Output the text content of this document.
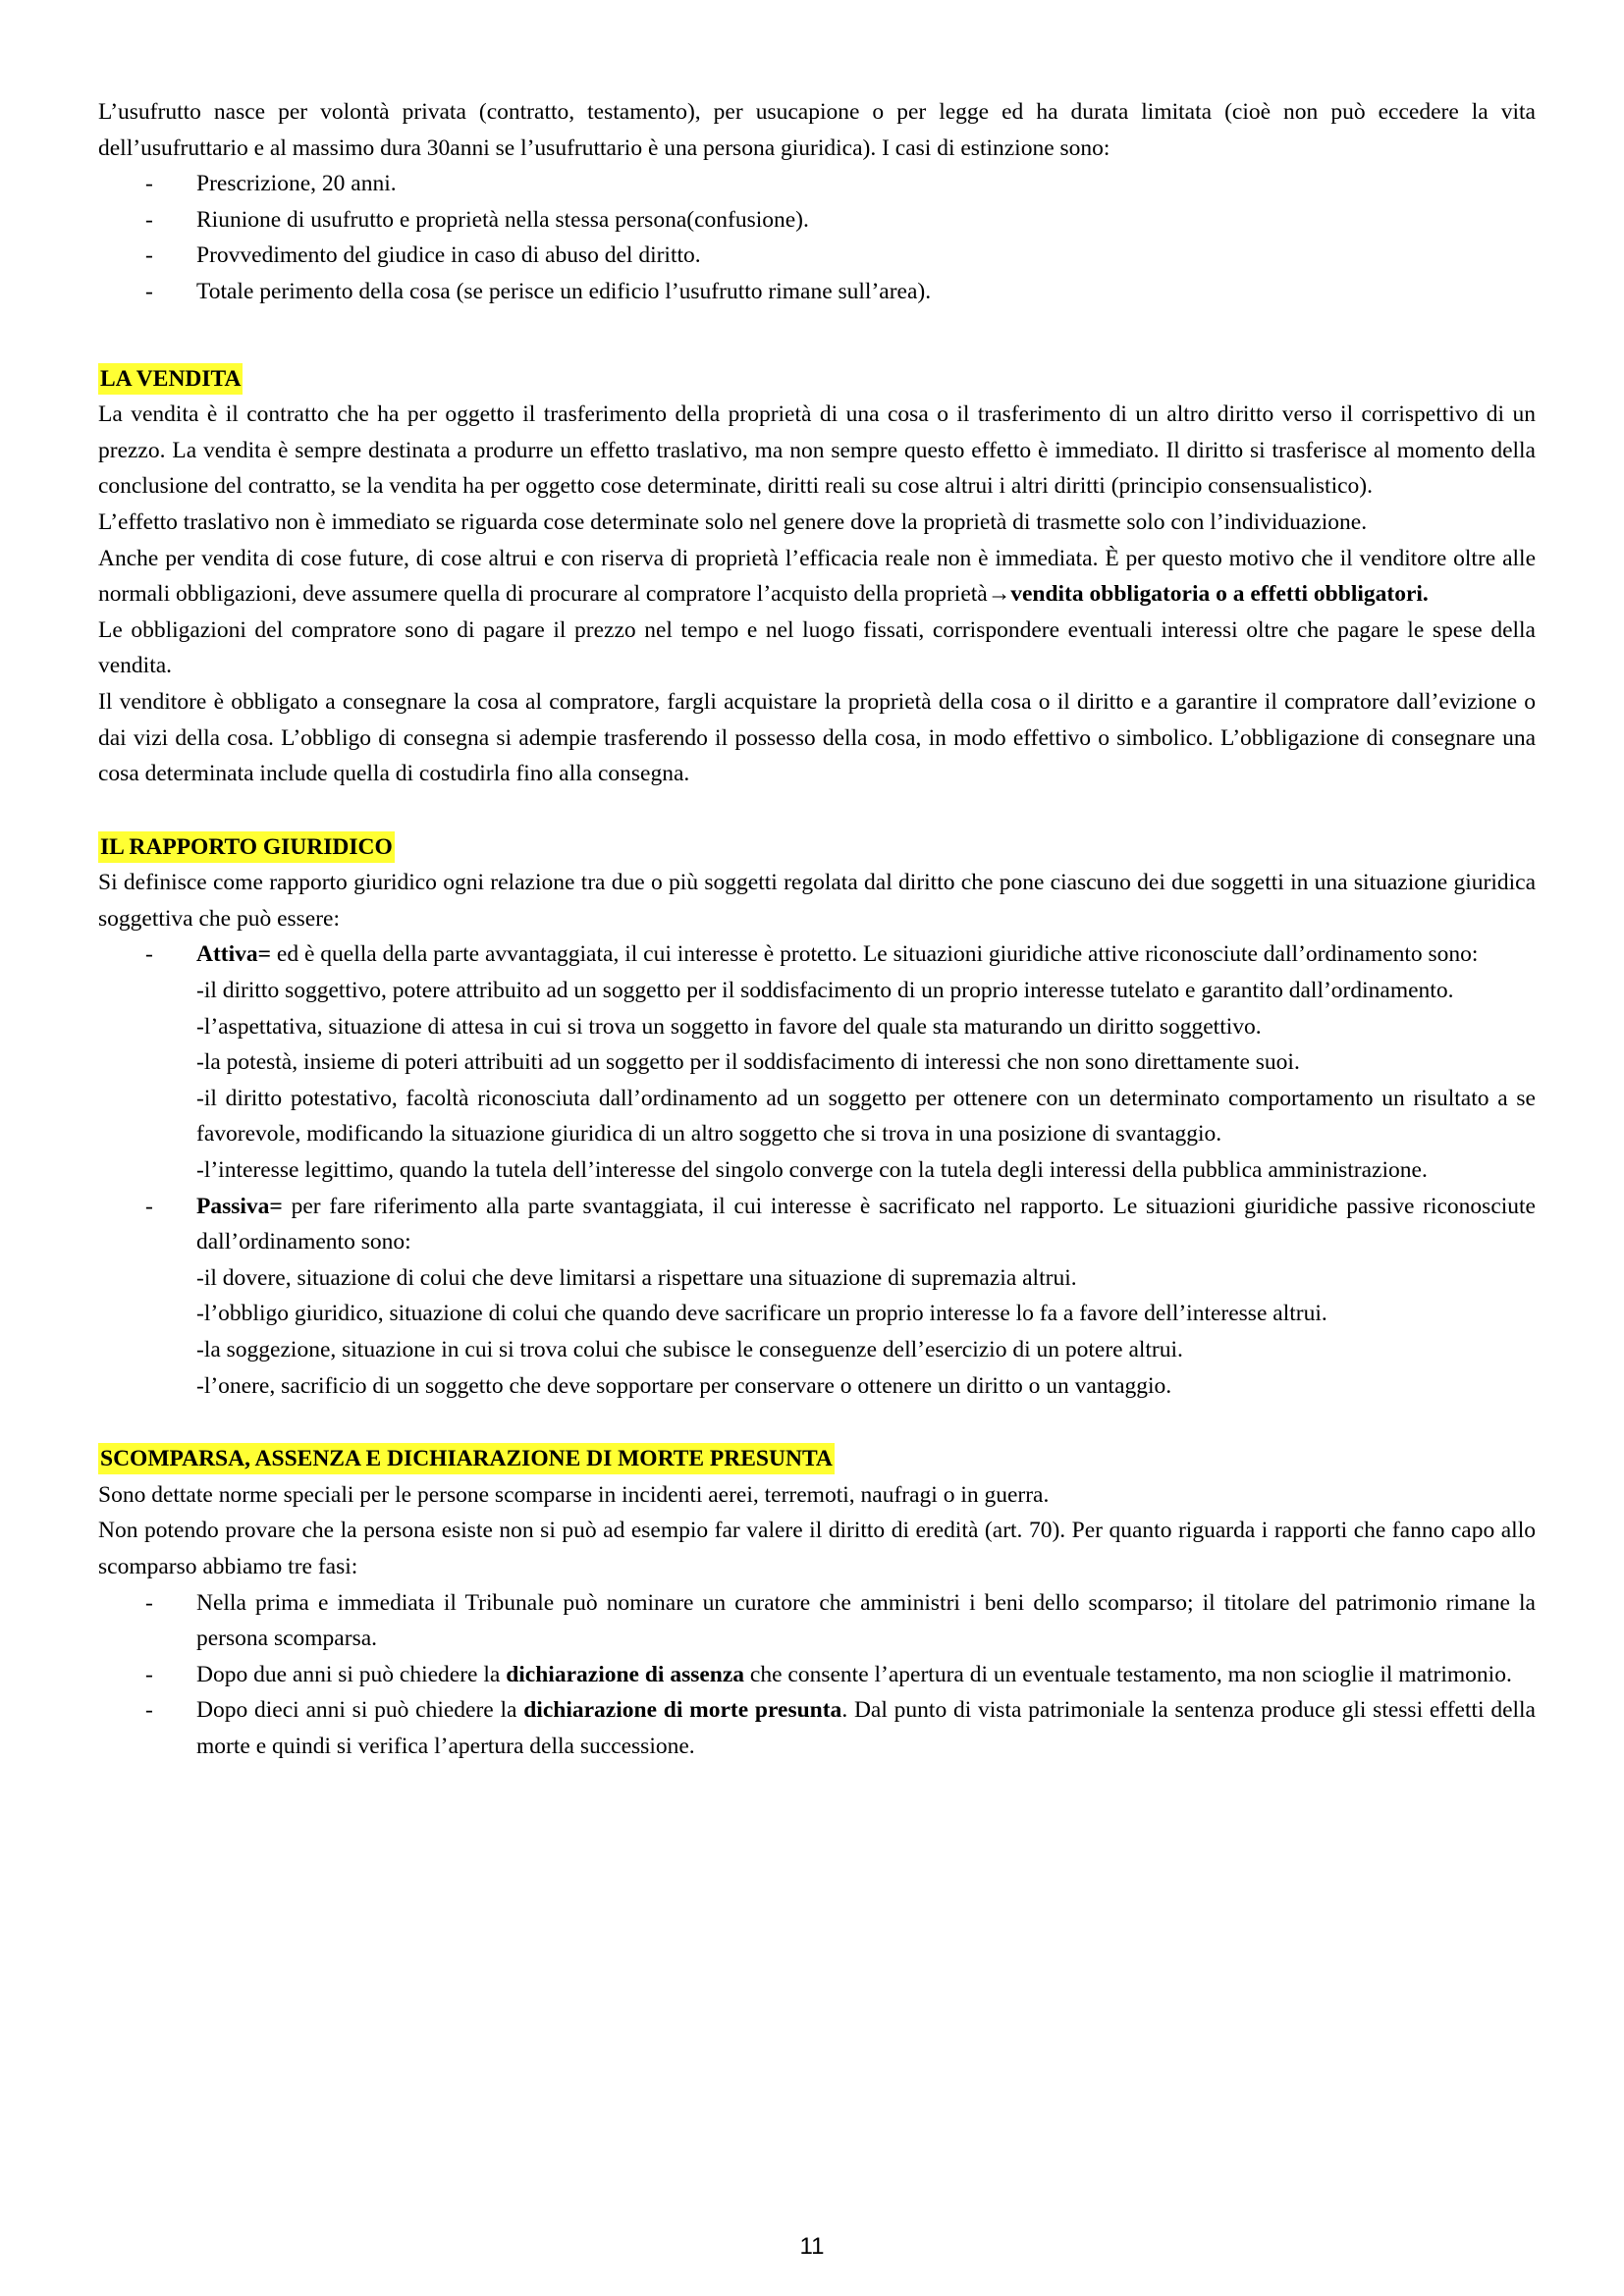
L’usufrutto nasce per volontà privata (contratto, testamento), per usucapione o per legge ed ha durata limitata (cioè non può eccedere la vita dell’usufruttario e al massimo dura 30anni se l’usufruttario è una persona giuridica). I casi di estinzione sono:

- Prescrizione, 20 anni.
- Riunione di usufrutto e proprietà nella stessa persona(confusione).
- Provvedimento del giudice in caso di abuso del diritto.
- Totale perimento della cosa (se perisce un edificio l’usufrutto rimane sull’area).
LA VENDITA

La vendita è il contratto che ha per oggetto il trasferimento della proprietà di una cosa o il trasferimento di un altro diritto verso il corrispettivo di un prezzo. La vendita è sempre destinata a produrre un effetto traslativo, ma non sempre questo effetto è immediato. Il diritto si trasferisce al momento della conclusione del contratto, se la vendita ha per oggetto cose determinate, diritti reali su cose altrui i altri diritti (principio consensualistico).

L’effetto traslativo non è immediato se riguarda cose determinate solo nel genere dove la proprietà di trasmette solo con l’individuazione.

Anche per vendita di cose future, di cose altrui e con riserva di proprietà l’efficacia reale non è immediata. È per questo motivo che il venditore oltre alle normali obbligazioni, deve assumere quella di procurare al compratore l’acquisto della proprietà→vendita obbligatoria o a effetti obbligatori.

Le obbligazioni del compratore sono di pagare il prezzo nel tempo e nel luogo fissati, corrispondere eventuali interessi oltre che pagare le spese della vendita.

Il venditore è obbligato a consegnare la cosa al compratore, fargli acquistare la proprietà della cosa o il diritto e a garantire il compratore dall’evizione o dai vizi della cosa. L’obbligo di consegna si adempie trasferendo il possesso della cosa, in modo effettivo o simbolico. L’obbligazione di consegnare una cosa determinata include quella di costudirla fino alla consegna.

IL RAPPORTO GIURIDICO

Si definisce come rapporto giuridico ogni relazione tra due o più soggetti regolata dal diritto che pone ciascuno dei due soggetti in una situazione giuridica soggettiva che può essere:

- Attiva= ed è quella della parte avvantaggiata, il cui interesse è protetto. Le situazioni giuridiche attive riconosciute dall’ordinamento sono:
-il diritto soggettivo, potere attribuito ad un soggetto per il soddisfacimento di un proprio interesse tutelato e garantito dall’ordinamento.
-l’aspettativa, situazione di attesa in cui si trova un soggetto in favore del quale sta maturando un diritto soggettivo.
-la potestà, insieme di poteri attribuiti ad un soggetto per il soddisfacimento di interessi che non sono direttamente suoi.
-il diritto potestativo, facoltà riconosciuta dall’ordinamento ad un soggetto per ottenere con un determinato comportamento un risultato a se favorevole, modificando la situazione giuridica di un altro soggetto che si trova in una posizione di svantaggio.
-l’interesse legittimo, quando la tutela dell’interesse del singolo converge con la tutela degli interessi della pubblica amministrazione.
- Passiva= per fare riferimento alla parte svantaggiata, il cui interesse è sacrificato nel rapporto. Le situazioni giuridiche passive riconosciute dall’ordinamento sono:
-il dovere, situazione di colui che deve limitarsi a rispettare una situazione di supremazia altrui.
-l’obbligo giuridico, situazione di colui che quando deve sacrificare un proprio interesse lo fa a favore dell’interesse altrui.
-la soggezione, situazione in cui si trova colui che subisce le conseguenze dell’esercizio di un potere altrui.
-l’onere, sacrificio di un soggetto che deve sopportare per conservare o ottenere un diritto o un vantaggio.
SCOMPARSA, ASSENZA E DICHIARAZIONE DI MORTE PRESUNTA

Sono dettate norme speciali per le persone scomparse in incidenti aerei, terremoti, naufragi o in guerra.

Non potendo provare che la persona esiste non si può ad esempio far valere il diritto di eredità (art. 70). Per quanto riguarda i rapporti che fanno capo allo scomparso abbiamo tre fasi:

- Nella prima e immediata il Tribunale può nominare un curatore che amministri i beni dello scomparso; il titolare del patrimonio rimane la persona scomparsa.
- Dopo due anni si può chiedere la dichiarazione di assenza che consente l’apertura di un eventuale testamento, ma non scioglie il matrimonio.
- Dopo dieci anni si può chiedere la dichiarazione di morte presunta. Dal punto di vista patrimoniale la sentenza produce gli stessi effetti della morte e quindi si verifica l’apertura della successione.
11
